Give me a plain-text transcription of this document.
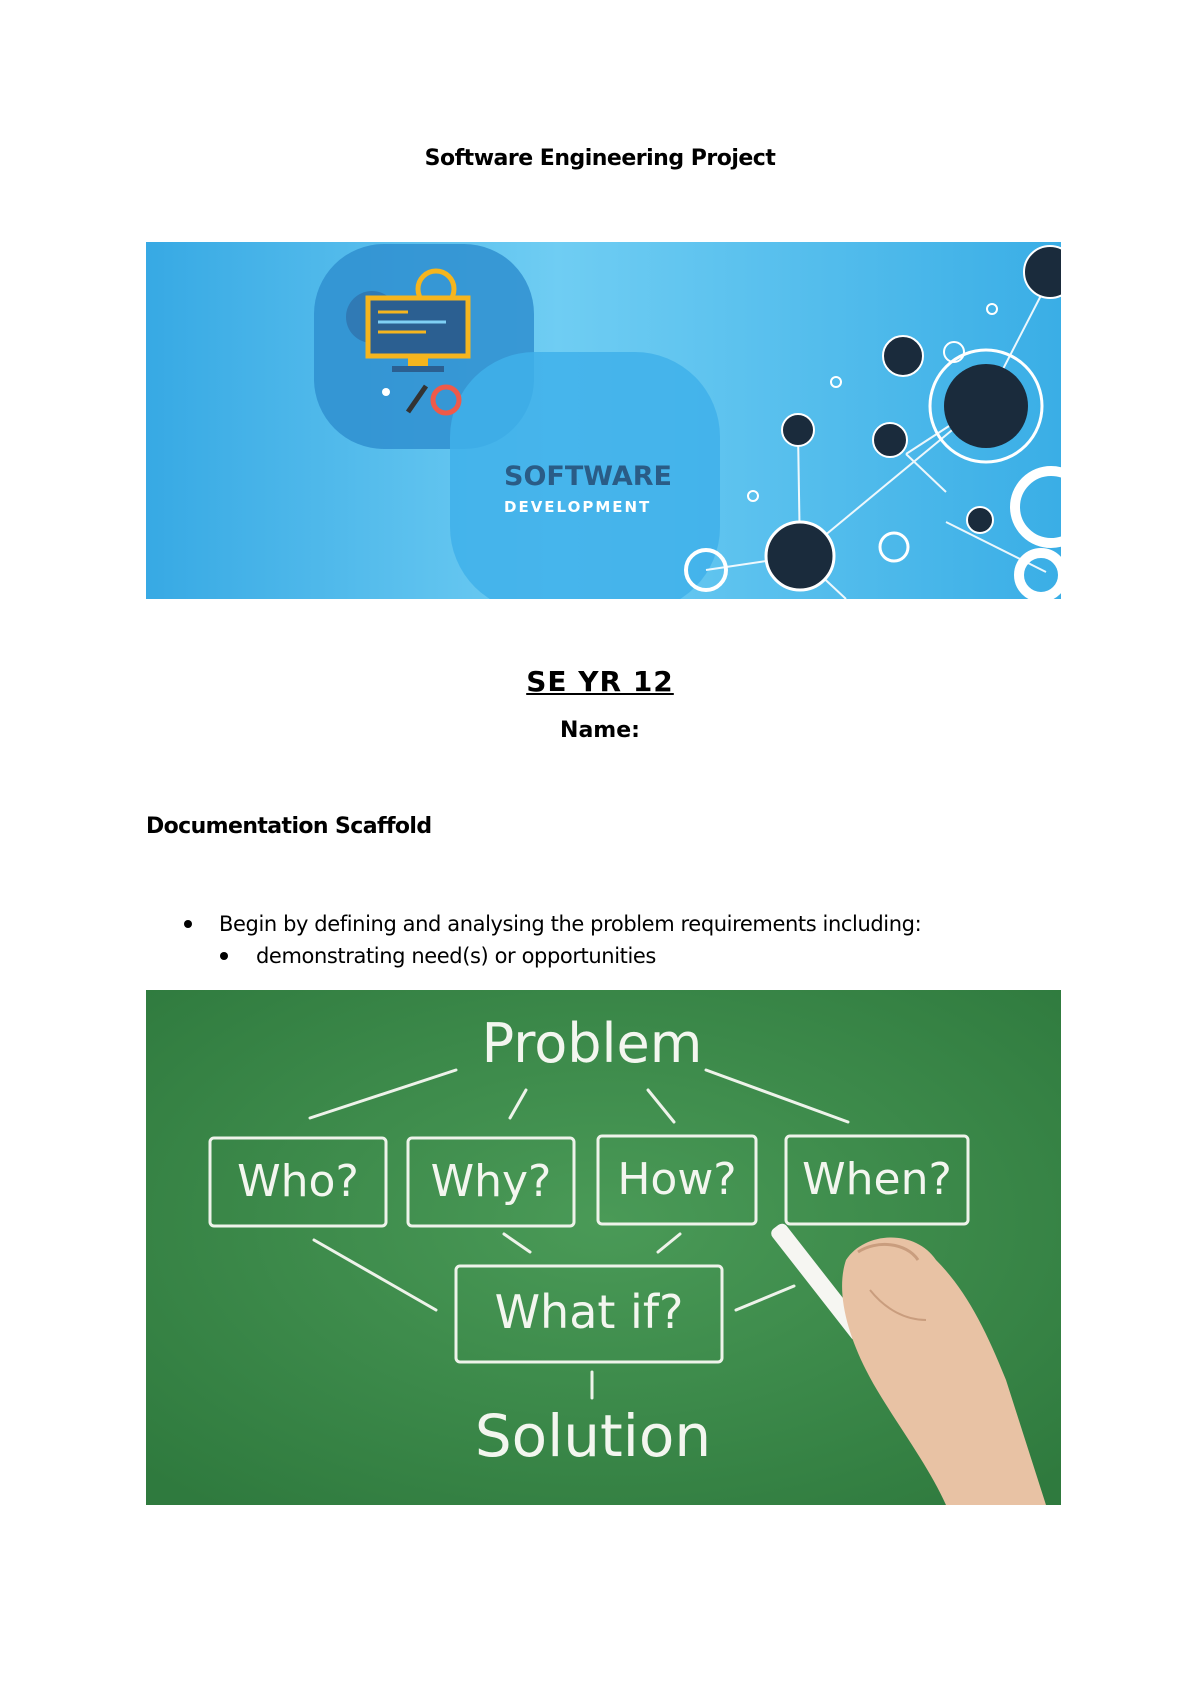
Software Engineering Project
SOFTWARE
DEVELOPMENT
SE YR 12
Name:
Documentation Scaffold
Begin by defining and analysing the problem requirements including:
demonstrating need(s) or opportunities
Problem
Who? Why? How? When?
What if?
Solution
